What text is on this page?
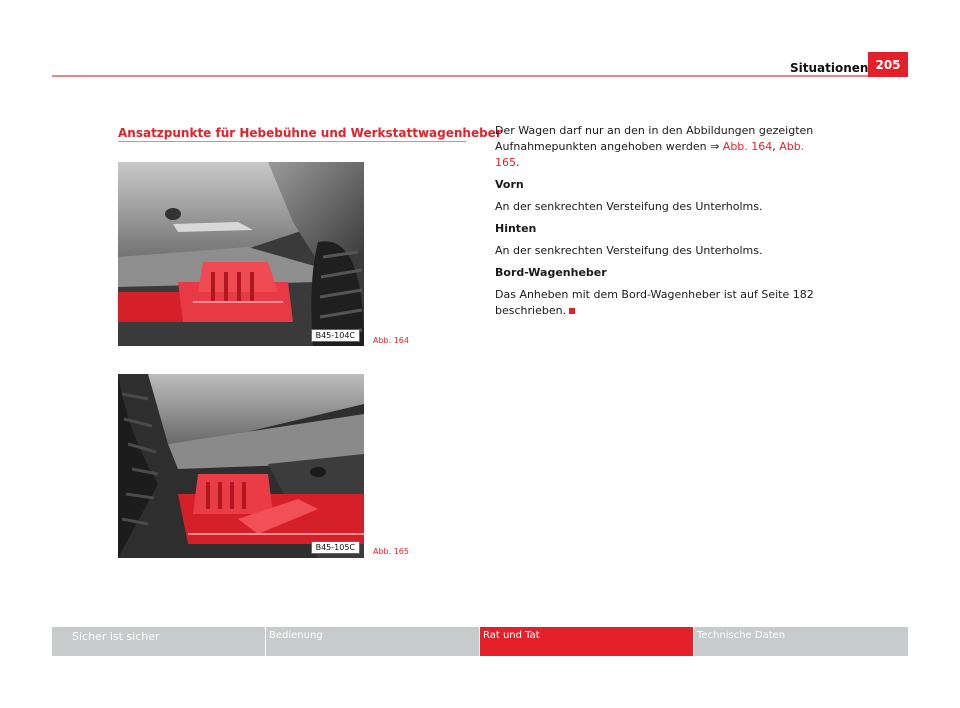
Situationen 205
Ansatzpunkte für Hebebühne und Werkstattwagenheber
B45-104C
Abb. 164
B45-105C	Abb. 165

Der Wagen darf nur an den in den Abbildungen gezeigten Aufnahmepunkten angehoben werden ⇒ Abb. 164, Abb. 165.

Vorn

An der senkrechten Versteifung des Unterholms.

Hinten

An der senkrechten Versteifung des Unterholms.

Bord-Wagenheber

Das Anheben mit dem Bord-Wagenheber ist auf Seite 182 beschrieben.

Sicher ist sicher	Bedienung	Rat und Tat	Technische Daten
